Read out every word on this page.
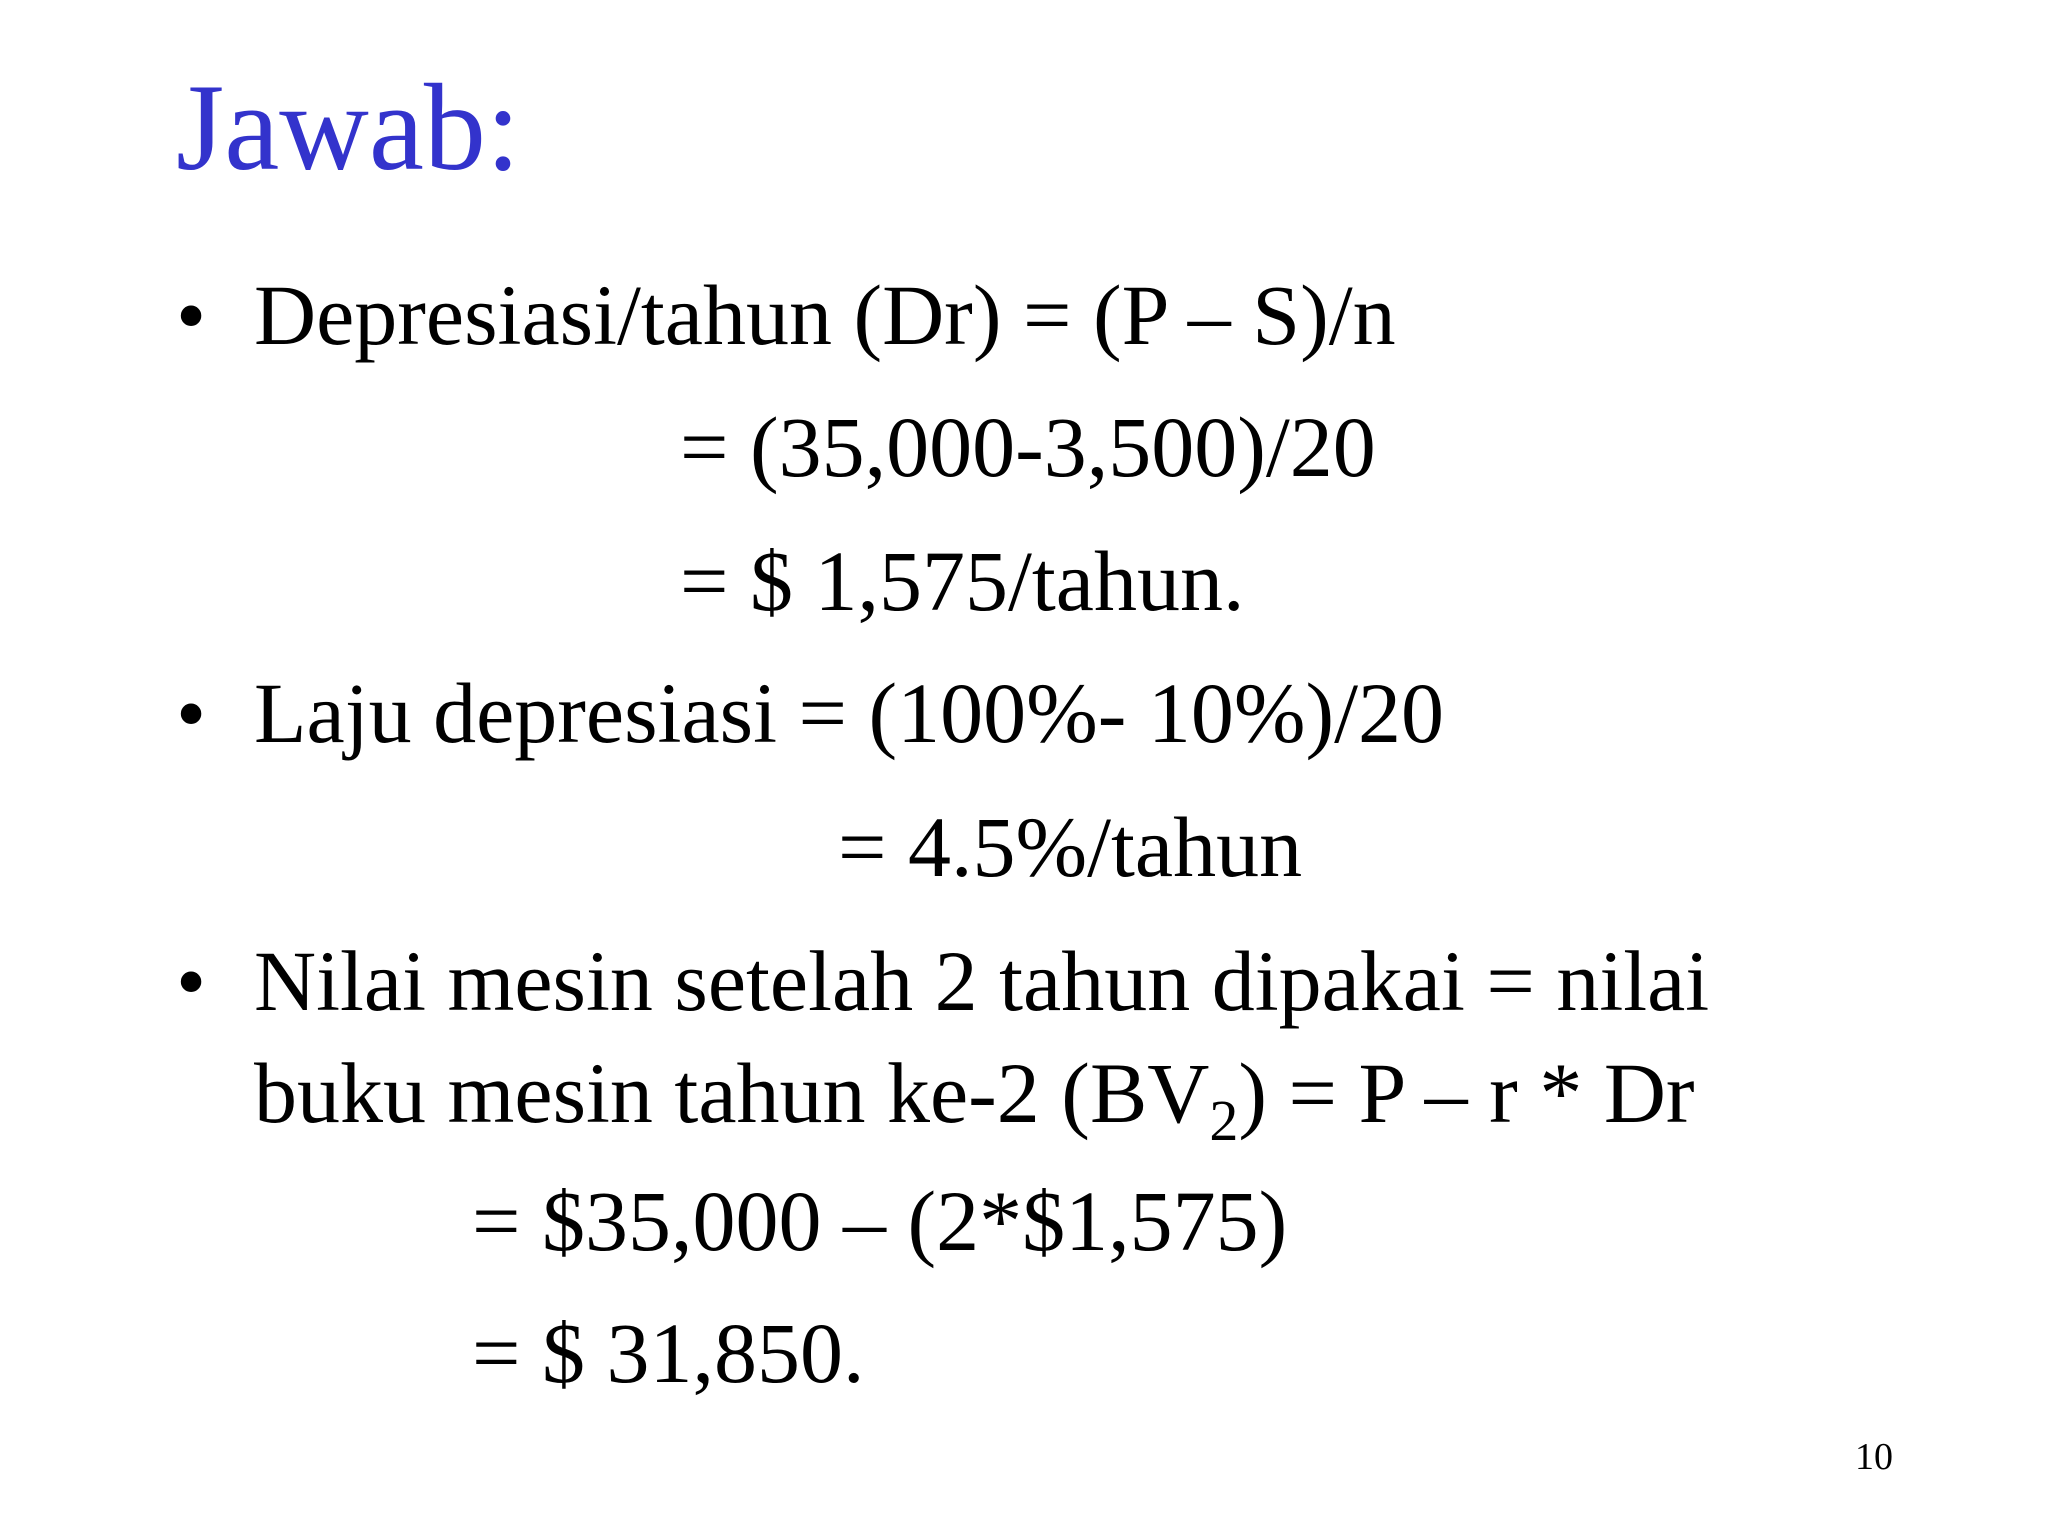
Jawab:
• Depresiasi/tahun (Dr) = (P – S)/n
= (35,000-3,500)/20
= $ 1,575/tahun.
• Laju depresiasi = (100%- 10%)/20
= 4.5%/tahun
• Nilai mesin setelah 2 tahun dipakai = nilai
buku mesin tahun ke-2 $(BV_2) = P - r * Dr$
= $35,000 – (2*$1,575)
= $ 31,850.
10
